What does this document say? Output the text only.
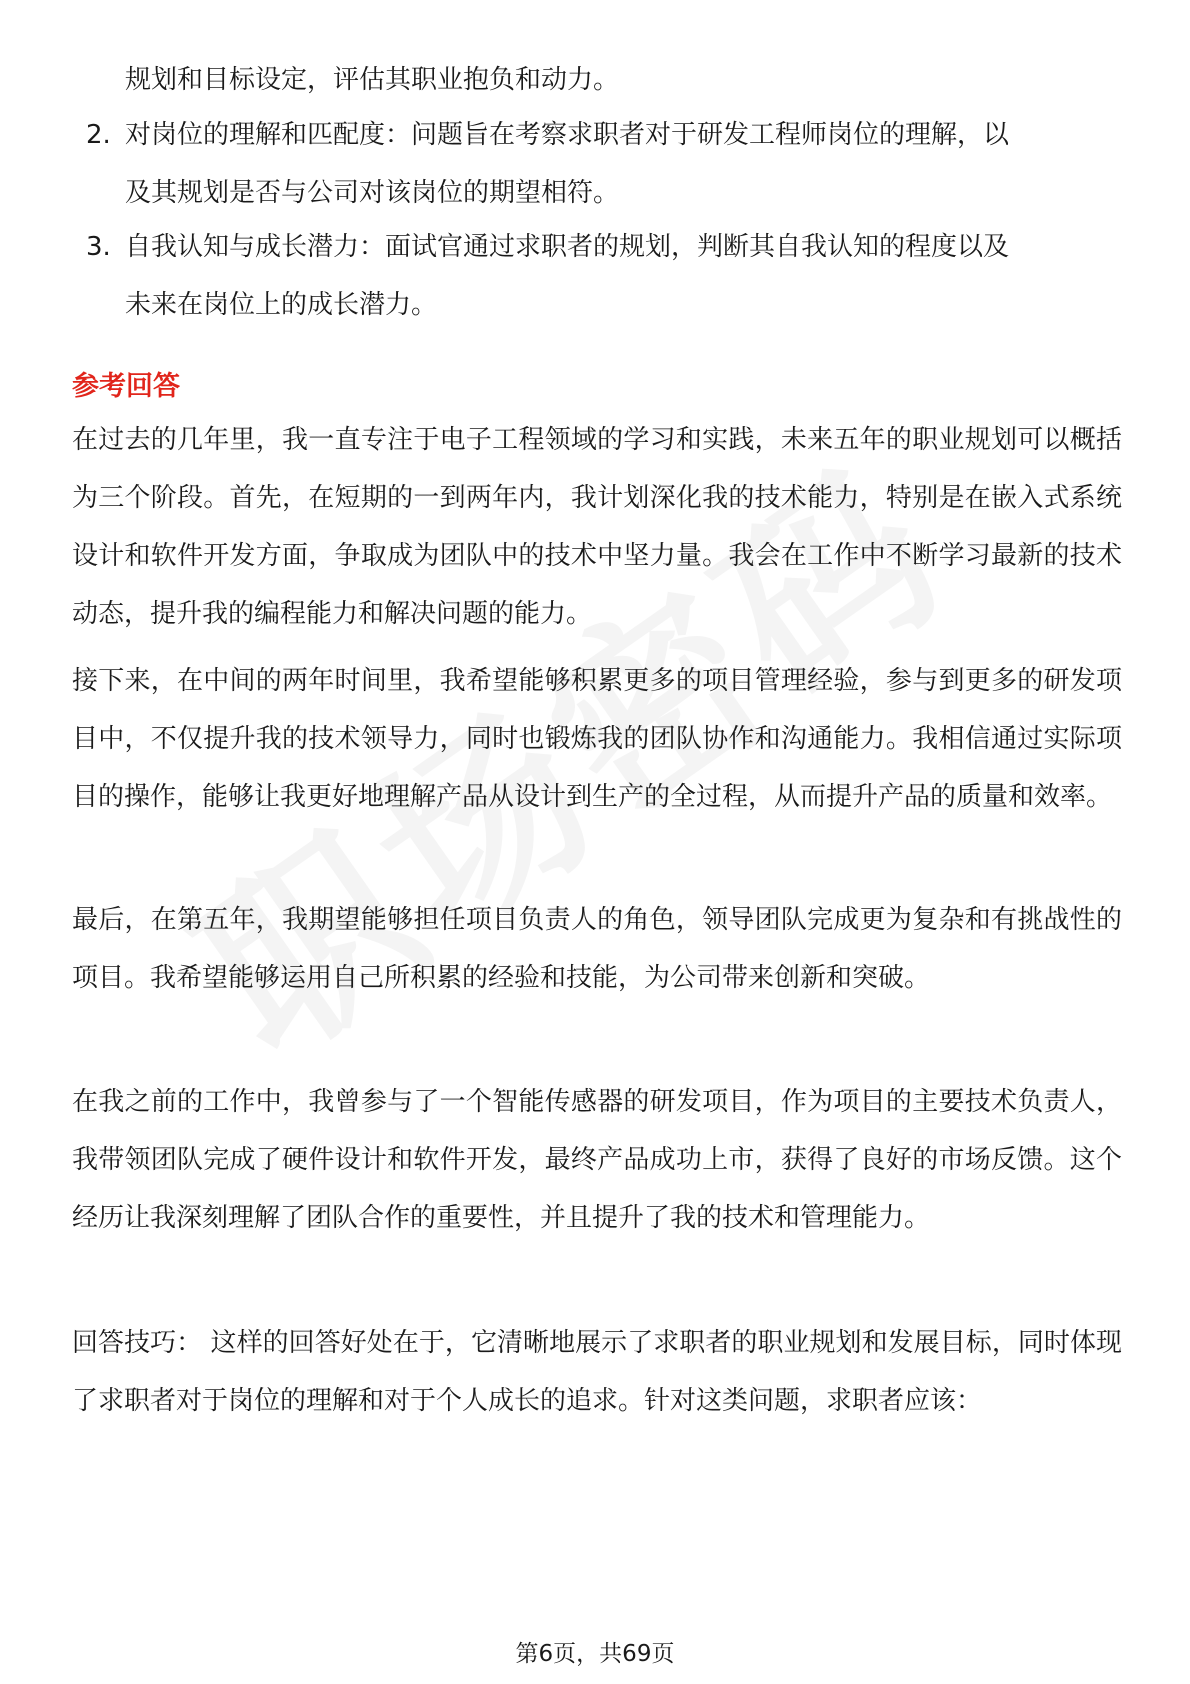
规划和目标设定，评估其职业抱负和动力。

2. 对岗位的理解和匹配度：问题旨在考察求职者对于研发工程师岗位的理解，以
及其规划是否与公司对该岗位的期望相符。
3. 自我认知与成长潜力：面试官通过求职者的规划，判断其自我认知的程度以及
未来在岗位上的成长潜力。
参考回答

在过去的几年里，我一直专注于电子工程领域的学习和实践，未来五年的职业规划可以概括为三个阶段。首先，在短期的一到两年内，我计划深化我的技术能力，特别是在嵌入式系统设计和软件开发方面，争取成为团队中的技术中坚力量。我会在工作中不断学习最新的技术动态，提升我的编程能力和解决问题的能力。

接下来，在中间的两年时间里，我希望能够积累更多的项目管理经验，参与到更多的研发项目中，不仅提升我的技术领导力，同时也锻炼我的团队协作和沟通能力。我相信通过实际项目的操作，能够让我更好地理解产品从设计到生产的全过程，从而提升产品的质量和效率。

最后，在第五年，我期望能够担任项目负责人的角色，领导团队完成更为复杂和有挑战性的项目。我希望能够运用自己所积累的经验和技能，为公司带来创新和突破。

在我之前的工作中，我曾参与了一个智能传感器的研发项目，作为项目的主要技术负责人，我带领团队完成了硬件设计和软件开发，最终产品成功上市，获得了良好的市场反馈。这个经历让我深刻理解了团队合作的重要性，并且提升了我的技术和管理能力。

回答技巧： 这样的回答好处在于，它清晰地展示了求职者的职业规划和发展目标，同时体现了求职者对于岗位的理解和对于个人成长的追求。针对这类问题，求职者应该：

第6页，共69页
